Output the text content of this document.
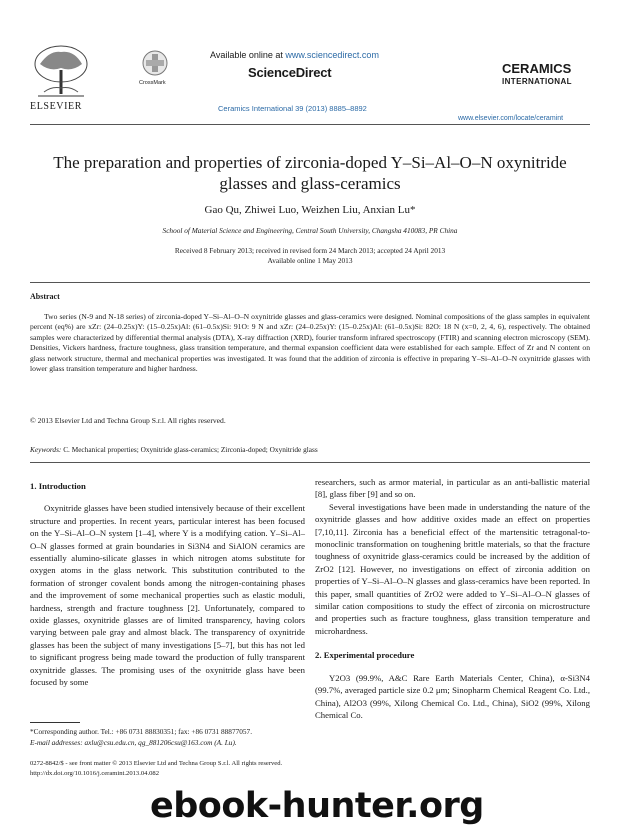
ELSEVIER
CrossMark
Available online at www.sciencedirect.com
ScienceDirect
Ceramics International 39 (2013) 8885–8892
CERAMICS
INTERNATIONAL
www.elsevier.com/locate/ceramint
The preparation and properties of zirconia-doped Y–Si–Al–O–N oxynitride
glasses and glass-ceramics
Gao Qu, Zhiwei Luo, Weizhen Liu, Anxian Lu*
School of Material Science and Engineering, Central South University, Changsha 410083, PR China
Received 8 February 2013; received in revised form 24 March 2013; accepted 24 April 2013
Available online 1 May 2013
Abstract
Two series (N-9 and N-18 series) of zirconia-doped Y–Si–Al–O–N oxynitride glasses and glass-ceramics were designed. Nominal compositions of the glass samples in equivalent percent (eq%) are xZr: (24–0.25x)Y: (15–0.25x)Al: (61–0.5x)Si: 91O: 9 N and xZr: (24–0.25x)Y: (15–0.25x)Al: (61–0.5x)Si: 82O: 18 N (x=0, 2, 4, 6), respectively. The obtained samples were characterized by differential thermal analysis (DTA), X-ray diffraction (XRD), fourier transform infrared spectroscopy (FTIR) and scanning electron microscopy (SEM). Densities, Vickers hardness, fracture toughness, glass transition temperature, and thermal expansion coefficient data were established for each sample. Effect of Zr and N content on glass network structure, thermal and mechanical properties was investigated. It was found that the addition of zirconia is effective in preparing Y–Si–Al–O–N oxynitride glasses with lower glass transition temperature and higher hardness.
© 2013 Elsevier Ltd and Techna Group S.r.l. All rights reserved.
Keywords: C. Mechanical properties; Oxynitride glass-ceramics; Zirconia-doped; Oxynitride glass
1. Introduction
Oxynitride glasses have been studied intensively because of their excellent structure and properties. In recent years, particular interest has been focused on the Y–Si–Al–O–N system [1–4], where Y is a modifying cation. Y–Si–Al–O–N glasses formed at grain boundaries in Si3N4 and SiAlON ceramics are essentially alumino-silicate glasses in which nitrogen atoms substitute for oxygen atoms in the glass network. This substitution contributed to the formation of stronger covalent bonds among the nitrogen-containing phases and the improvement of some mechanical properties such as elastic moduli, hardness, strength and fracture toughness [2]. Unfortunately, compared to oxide glasses, oxynitride glasses are of limited transparency, having colors varying between pale gray and almost black. The transparency of oxynitride glasses has been the subject of many investigations [5–7], but this has not led to significant progress being made toward the production of fully transparent oxynitride glasses. The promising uses of the oxynitride glass have been focused by some
researchers, such as armor material, in particular as an anti-ballistic material [8], glass fiber [9] and so on.
Several investigations have been made in understanding the nature of the oxynitride glasses and how additive oxides made an effect on properties [7,10,11]. Zirconia has a beneficial effect of the martensitic tetragonal-to-monoclinic transformation on toughening brittle materials, so that the fracture toughness of oxynitride glass-ceramics could be increased by the addition of ZrO2 [12]. However, no investigations on effect of zirconia addition on properties of Y–Si–Al–O–N glasses and glass-ceramics have been reported. In this paper, small quantities of ZrO2 were added to Y–Si–Al–O–N glasses of similar cation compositions to study the effect of zirconia on microstructure and properties such as fracture toughness, glass transition temperature and microhardness.
2. Experimental procedure
Y2O3 (99.9%, A&C Rare Earth Materials Center, China), α-Si3N4 (99.7%, averaged particle size 0.2 μm; Sinopharm Chemical Reagent Co. Ltd., China), Al2O3 (99%, Xilong Chemical Co. Ltd., China), SiO2 (99%, Xilong Chemical Co.
*Corresponding author. Tel.: +86 0731 88830351; fax: +86 0731 88877057.
E-mail addresses: axlu@csu.edu.cn, qg_881206csu@163.com (A. Lu).
0272-8842/$ - see front matter © 2013 Elsevier Ltd and Techna Group S.r.l. All rights reserved.
http://dx.doi.org/10.1016/j.ceramint.2013.04.082
ebook-hunter.org
